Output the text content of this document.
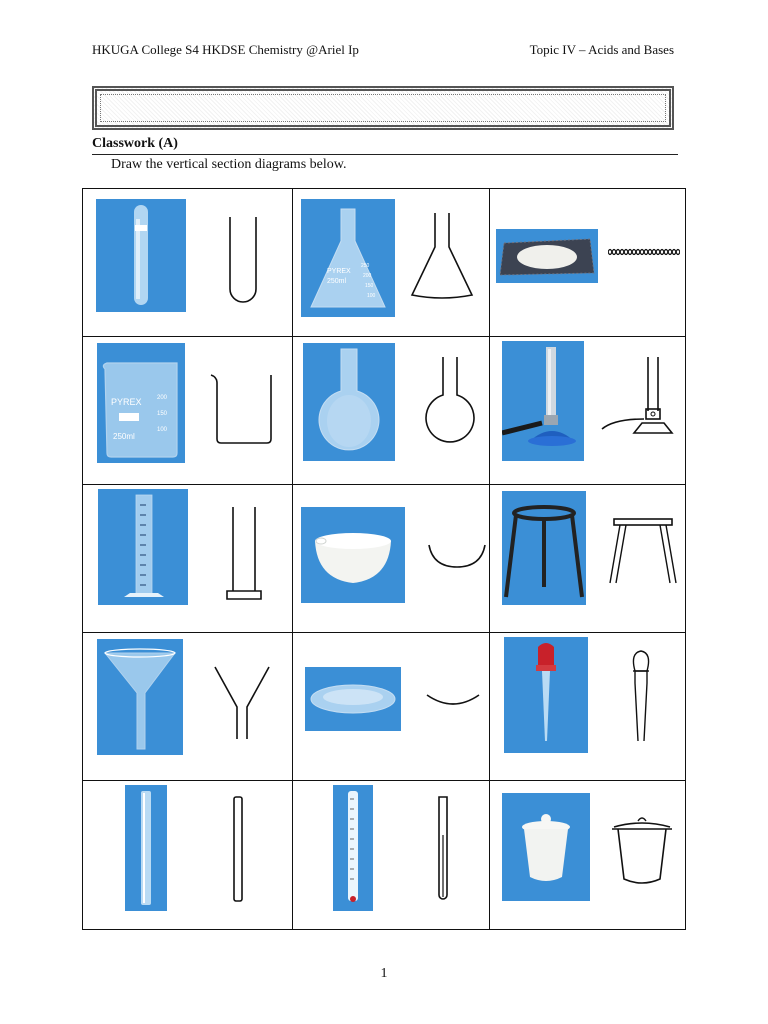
HKUGA College S4 HKDSE Chemistry @Ariel Ip	Topic IV – Acids and Bases
Classwork (A)
Draw the vertical section diagrams below.
PYREX
250ml
250
200
150
100
PYREX
250ml
200
150
100
1
